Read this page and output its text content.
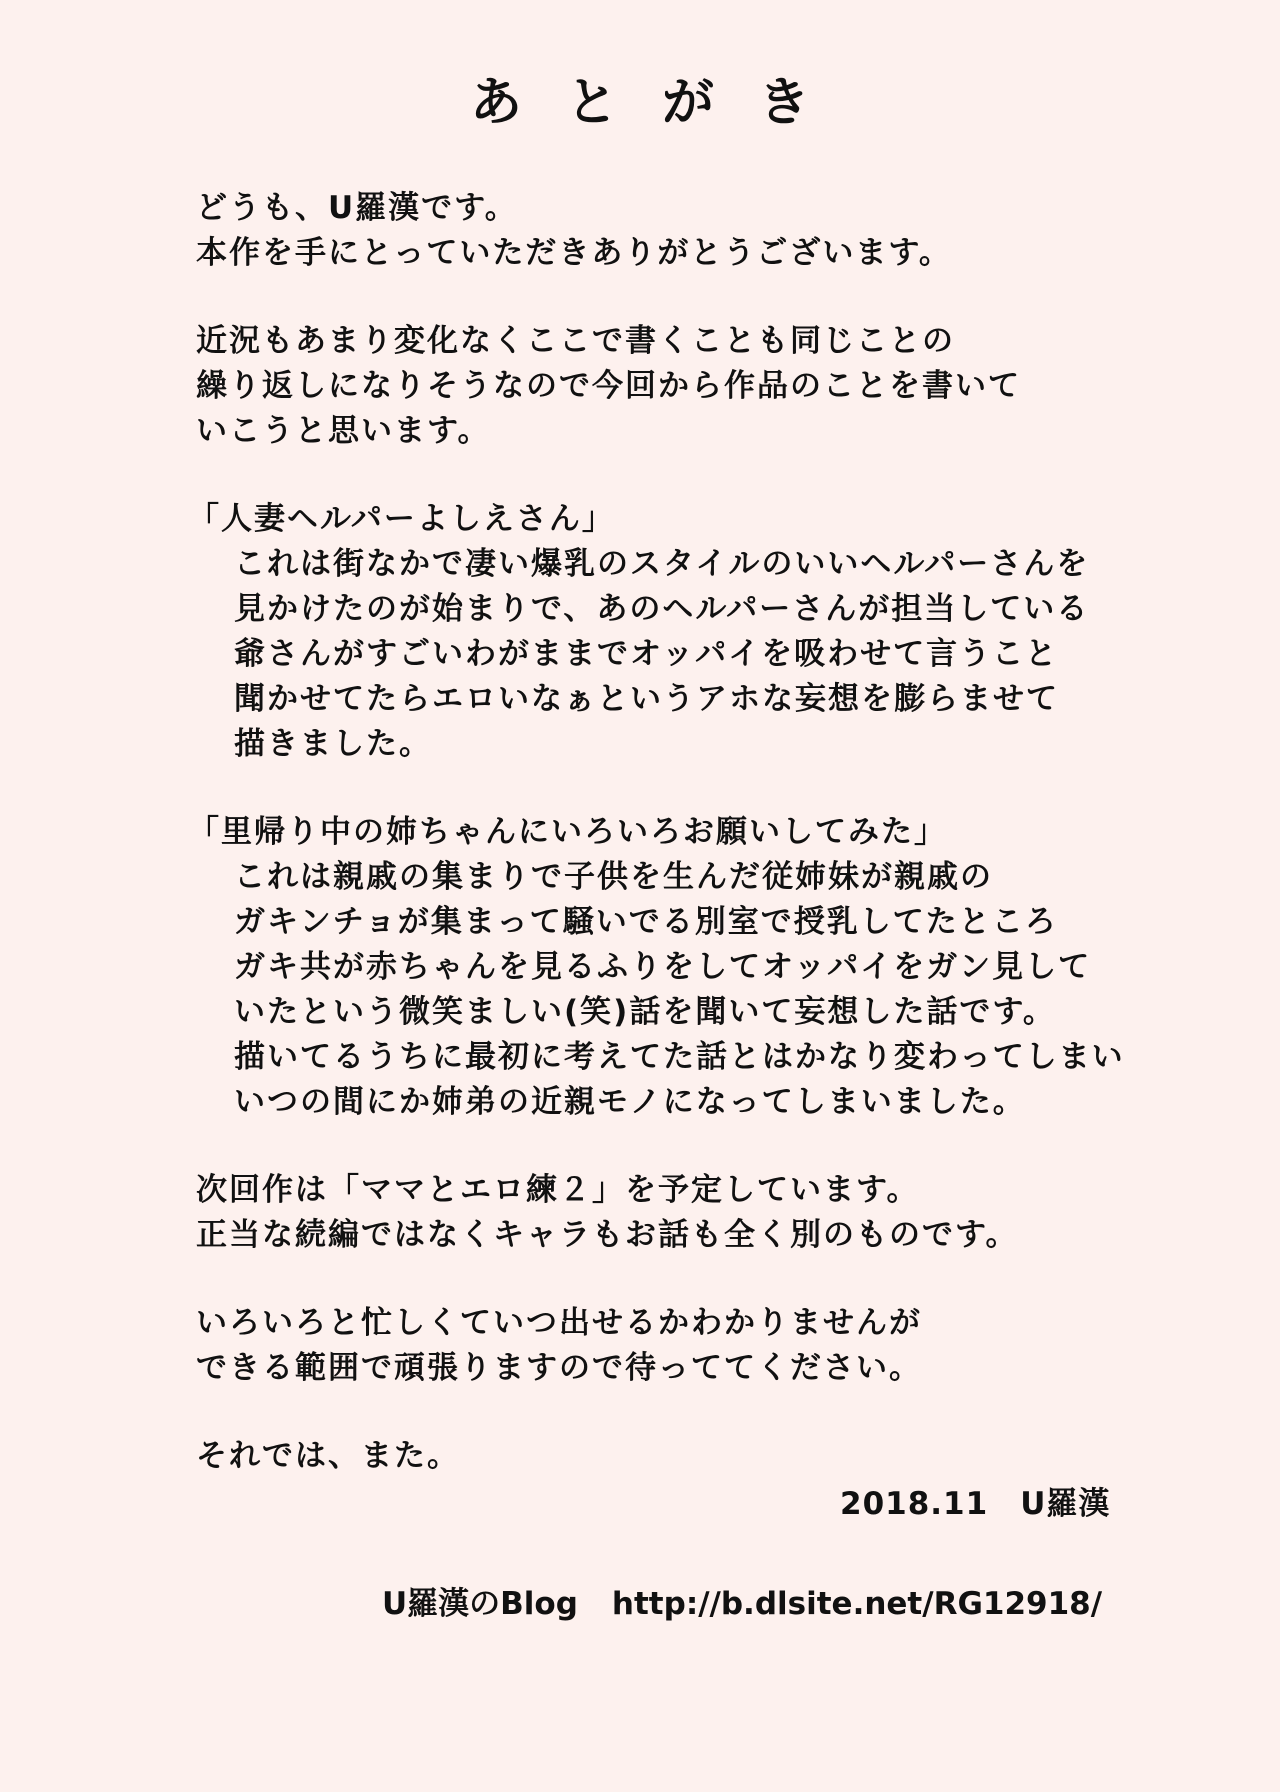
あとがき
どうも、U羅漢です。
本作を手にとっていただきありがとうございます。
近況もあまり変化なくここで書くことも同じことの
繰り返しになりそうなので今回から作品のことを書いて
いこうと思います。
「人妻ヘルパーよしえさん」
これは街なかで凄い爆乳のスタイルのいいヘルパーさんを
見かけたのが始まりで、あのヘルパーさんが担当している
爺さんがすごいわがままでオッパイを吸わせて言うこと
聞かせてたらエロいなぁというアホな妄想を膨らませて
描きました。
「里帰り中の姉ちゃんにいろいろお願いしてみた」
これは親戚の集まりで子供を生んだ従姉妹が親戚の
ガキンチョが集まって騒いでる別室で授乳してたところ
ガキ共が赤ちゃんを見るふりをしてオッパイをガン見して
いたという微笑ましい(笑)話を聞いて妄想した話です。
描いてるうちに最初に考えてた話とはかなり変わってしまい
いつの間にか姉弟の近親モノになってしまいました。
次回作は「ママとエロ練２」を予定しています。
正当な続編ではなくキャラもお話も全く別のものです。
いろいろと忙しくていつ出せるかわかりませんが
できる範囲で頑張りますので待っててください。
それでは、また。
2018.11　U羅漢
U羅漢のBlog http://b.dlsite.net/RG12918/
